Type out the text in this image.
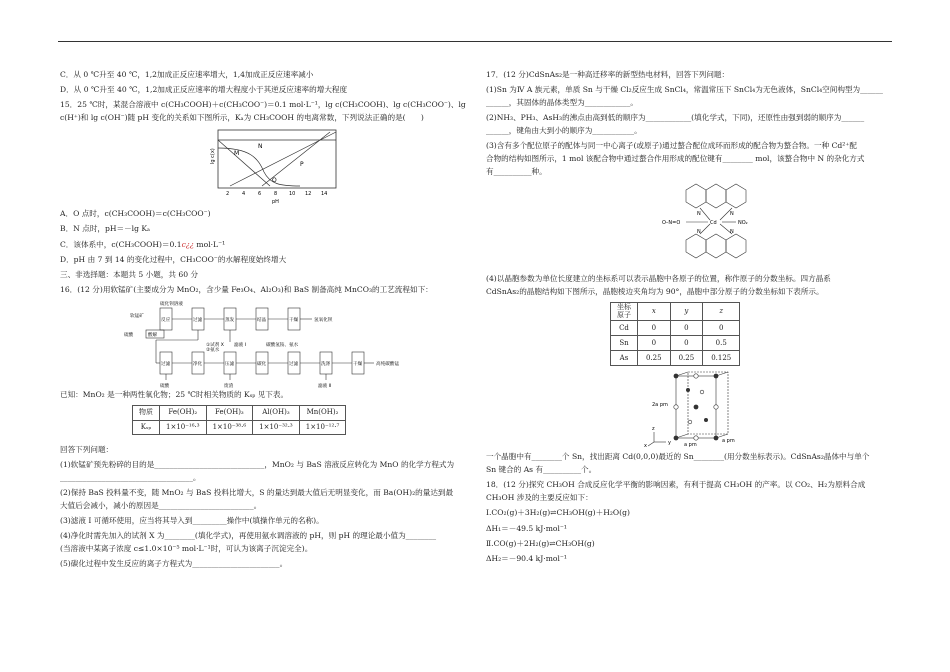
C．从 0 ℃升至 40 ℃，1,2加成正反应速率增大，1,4加成正反应速率减小
D．从 0 ℃升至 40 ℃，1,2加成正反应速率的增大程度小于其逆反应速率的增大程度
15．25 ℃时，某混合溶液中 c(CH₃COOH)＋c(CH₃COO⁻)＝0.1 mol·L⁻¹，lg c(CH₃COOH)、lg c(CH₃COO⁻)、lg
c(H⁺)和 lg c(OH⁻)随 pH 变化的关系如下图所示，Kₐ为 CH₃COOH 的电离常数，下列说法正确的是(　　)
lg c(x)	M
N
P
O
2	4	6	8 10 12 14
pH
A．O 点时，c(CH₃COOH)＝c(CH₃COO⁻)
B．N 点时，pH＝－lg Kₐ
C．该体系中，c(CH₃COOH)＝0.1c¿¿ mol·L⁻¹
D．pH 由 7 到 14 的变化过程中，CH₃COO⁻的水解程度始终增大
三、非选择题：本题共 5 小题，共 60 分
16．(12 分)用软锰矿(主要成分为 MnO₂，含少量 Fe₃O₄、Al₂O₃)和 BaS 制备高纯 MnCO₃的工艺流程如下：
软锰矿
硫化钡溶液
硫酸
反应	过滤	蒸发	结晶	干燥	氢氧化钡
酸解
滤液 I
①试剂 X
②氨水
碳酸氢铵、氨水
过滤	净化	压滤	碳化	过滤	洗涤	干燥	高纯碳酸锰
硫酸	废渣	滤液 II
已知：MnO₂ 是一种两性氧化物；25 ℃时相关物质的 Kₛₚ 见下表。
物质	Fe(OH)₂	Fe(OH)₃	Al(OH)₃	Mn(OH)₂
Kₛₚ	1×10⁻¹⁶·³	1×10⁻³⁸·⁶	1×10⁻³²·³	1×10⁻¹²·⁷
回答下列问题：
(1)软锰矿预先粉碎的目的是_____________________________，MnO₂ 与 BaS 溶液反应转化为 MnO 的化学方程式为
___________________________________。
(2)保持 BaS 投料量不变，随 MnO₂ 与 BaS 投料比增大，S 的量达到最大值后无明显变化，而 Ba(OH)₂的量达到最
大值后会减小，减小的原因是_________________________。
(3)滤液 I 可循环使用，应当将其导入到_________操作中(填操作单元的名称)。
(4)净化时需先加入的试剂 X 为________(填化学式)，再使用氨水调溶液的 pH，则 pH 的理论最小值为________
(当溶液中某离子浓度 c≤1.0×10⁻⁵ mol·L⁻¹时，可认为该离子沉淀完全)。
(5)碳化过程中发生反应的离子方程式为_______________________。
17．(12 分)CdSnAs₂是一种高迁移率的新型热电材料，回答下列问题：
(1)Sn 为Ⅳ A 族元素，单质 Sn 与干燥 Cl₂反应生成 SnCl₄，常温常压下 SnCl₄为无色液体，SnCl₄空间构型为______
______，其固体的晶体类型为____________。
(2)NH₃、PH₃、AsH₃的沸点由高到低的顺序为____________(填化学式，下同)，还原性由强到弱的顺序为______
______，键角由大到小的顺序为___________。
(3)含有多个配位原子的配体与同一中心离子(或原子)通过螯合配位成环而形成的配合物为螯合物。一种 Cd²⁺配
合物的结构如图所示，1 mol 该配合物中通过螯合作用形成的配位键有________ mol，该螯合物中 N 的杂化方式
有__________种。
Cd	NO₂
O–N=O
N	N
N	N
(4)以晶胞参数为单位长度建立的坐标系可以表示晶胞中各原子的位置，称作原子的分数坐标。四方晶系
CdSnAs₂的晶胞结构如下图所示，晶胞棱边夹角均为 90°，晶胞中部分原子的分数坐标如下表所示。
坐标
原子	x	y	z
Cd	0	0	0
Sn	0	0	0.5
As	0.25	0.25	0.125
2a pm
a pm
a pm
x	y
z
一个晶胞中有________个 Sn，找出距离 Cd(0,0,0)最近的 Sn________(用分数坐标表示)。CdSnAs₂晶体中与单个
Sn 键合的 As 有__________个。
18．(12 分)探究 CH₃OH 合成反应化学平衡的影响因素，有利于提高 CH₃OH 的产率。以 CO₂、H₂为原料合成
CH₃OH 涉及的主要反应如下：
Ⅰ.CO₂(g)＋3H₂(g)⇌CH₃OH(g)＋H₂O(g)
ΔH₁＝－49.5 kJ·mol⁻¹
Ⅱ.CO(g)＋2H₂(g)⇌CH₃OH(g)
ΔH₂＝－90.4 kJ·mol⁻¹
